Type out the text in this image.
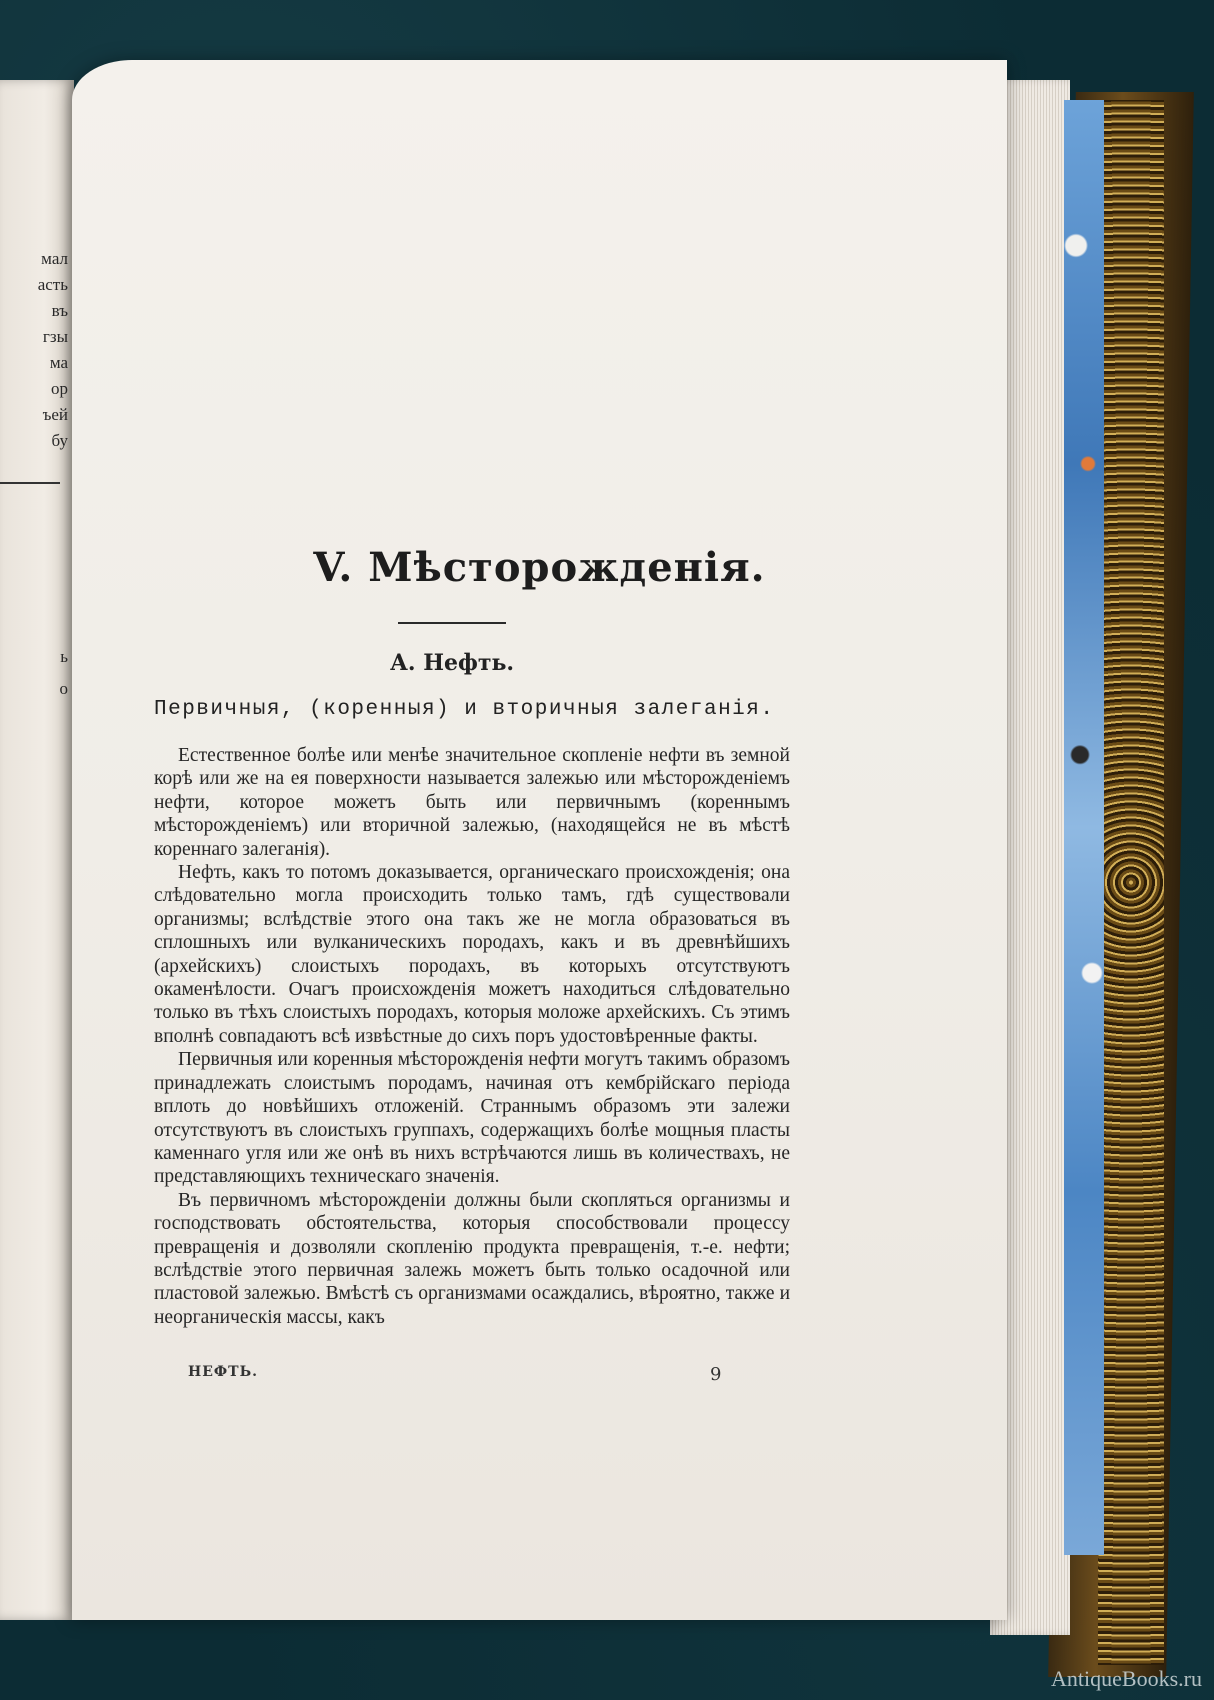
мал
асть
въ
гзы
ма
ор
ъей
бу
ь
о
V. Мѣсторожденія.
А. Нефть.
Первичныя, (коренныя) и вторичныя залеганія.

Естественное болѣе или менѣе значительное скопленіе нефти въ земной корѣ или же на ея поверхности называется залежью или мѣсторожденіемъ нефти, которое можетъ быть или первичнымъ (кореннымъ мѣсторожденіемъ) или вторичной залежью, (находящейся не въ мѣстѣ кореннаго залеганія).

Нефть, какъ то потомъ доказывается, органическаго происхожденія; она слѣдовательно могла происходить только тамъ, гдѣ существовали организмы; вслѣдствіе этого она такъ же не могла образоваться въ сплошныхъ или вулканическихъ породахъ, какъ и въ древнѣйшихъ (архейскихъ) слоистыхъ породахъ, въ которыхъ отсутствуютъ окаменѣлости. Очагъ происхожденія можетъ находиться слѣдовательно только въ тѣхъ слоистыхъ породахъ, которыя моложе архейскихъ. Съ этимъ вполнѣ совпадаютъ всѣ извѣстные до сихъ поръ удостовѣренные факты.

Первичныя или коренныя мѣсторожденія нефти могутъ такимъ образомъ принадлежать слоистымъ породамъ, начиная отъ кембрійскаго періода вплоть до новѣйшихъ отложеній. Страннымъ образомъ эти залежи отсутствуютъ въ слоистыхъ группахъ, содержащихъ болѣе мощныя пласты каменнаго угля или же онѣ въ нихъ встрѣчаются лишь въ количествахъ, не представляющихъ техническаго значенія.

Въ первичномъ мѣсторожденіи должны были скопляться организмы и господствовать обстоятельства, которыя способствовали процессу превращенія и дозволяли скопленію продукта превращенія, т.-е. нефти; вслѣдствіе этого первичная залежь можетъ быть только осадочной или пластовой залежью. Вмѣстѣ съ организмами осаждались, вѣроятно, также и неорганическія массы, какъ

НЕФТЬ.	9
AntiqueBooks.ru
